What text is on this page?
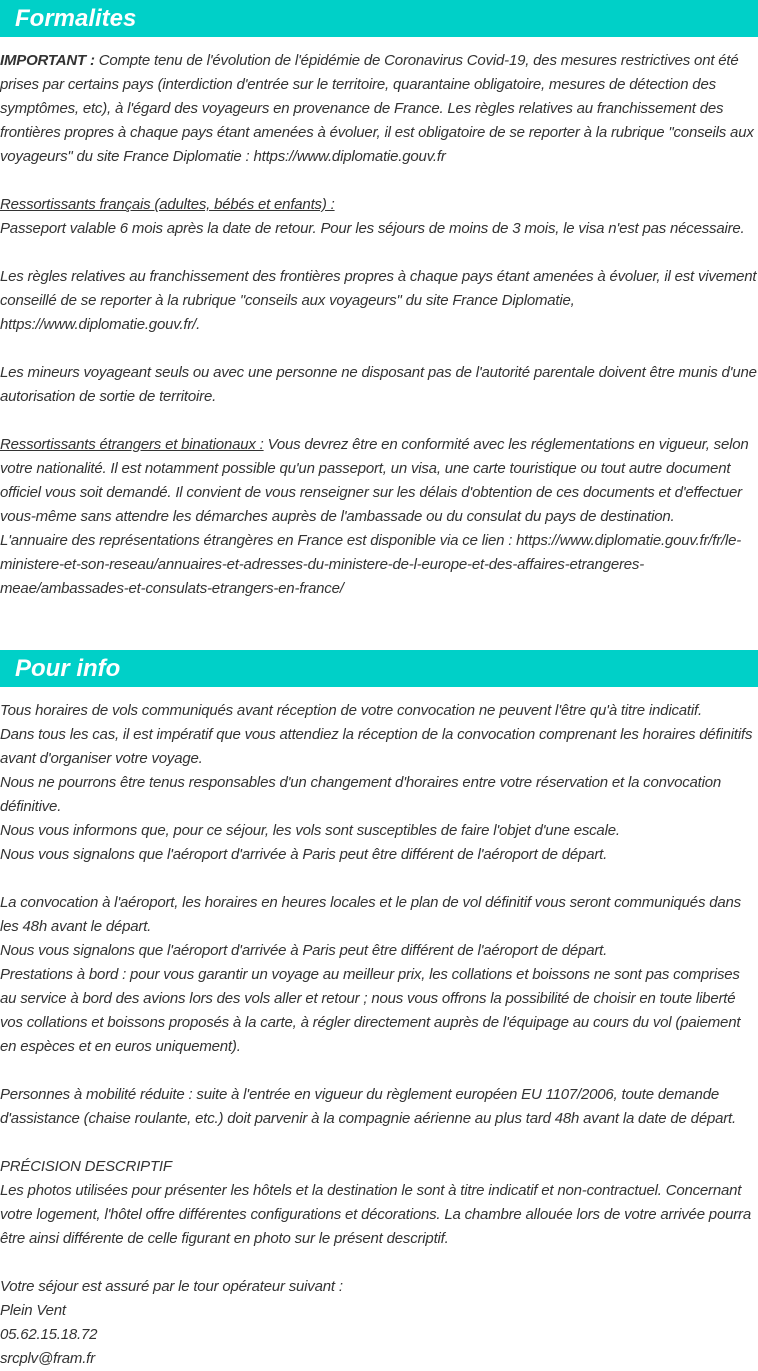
Formalites

IMPORTANT : Compte tenu de l'évolution de l'épidémie de Coronavirus Covid-19, des mesures restrictives ont été prises par certains pays (interdiction d'entrée sur le territoire, quarantaine obligatoire, mesures de détection des symptômes, etc), à l'égard des voyageurs en provenance de France. Les règles relatives au franchissement des frontières propres à chaque pays étant amenées à évoluer, il est obligatoire de se reporter à la rubrique "conseils aux voyageurs" du site France Diplomatie : https://www.diplomatie.gouv.fr

Ressortissants français (adultes, bébés et enfants) :

Passeport valable 6 mois après la date de retour. Pour les séjours de moins de 3 mois, le visa n'est pas nécessaire.

Les règles relatives au franchissement des frontières propres à chaque pays étant amenées à évoluer, il est vivement conseillé de se reporter à la rubrique "conseils aux voyageurs" du site France Diplomatie, https://www.diplomatie.gouv.fr/.

Les mineurs voyageant seuls ou avec une personne ne disposant pas de l'autorité parentale doivent être munis d'une autorisation de sortie de territoire.

Ressortissants étrangers et binationaux : Vous devrez être en conformité avec les réglementations en vigueur, selon votre nationalité. Il est notamment possible qu'un passeport, un visa, une carte touristique ou tout autre document officiel vous soit demandé. Il convient de vous renseigner sur les délais d'obtention de ces documents et d'effectuer vous-même sans attendre les démarches auprès de l'ambassade ou du consulat du pays de destination.

L'annuaire des représentations étrangères en France est disponible via ce lien : https://www.diplomatie.gouv.fr/fr/le-ministere-et-son-reseau/annuaires-et-adresses-du-ministere-de-l-europe-et-des-affaires-etrangeres-meae/ambassades-et-consulats-etrangers-en-france/

Pour info

Tous horaires de vols communiqués avant réception de votre convocation ne peuvent l'être qu'à titre indicatif.

Dans tous les cas, il est impératif que vous attendiez la réception de la convocation comprenant les horaires définitifs avant d'organiser votre voyage.

Nous ne pourrons être tenus responsables d'un changement d'horaires entre votre réservation et la convocation définitive.

Nous vous informons que, pour ce séjour, les vols sont susceptibles de faire l'objet d'une escale.

Nous vous signalons que l'aéroport d'arrivée à Paris peut être différent de l'aéroport de départ.

La convocation à l'aéroport, les horaires en heures locales et le plan de vol définitif vous seront communiqués dans les 48h avant le départ.

Nous vous signalons que l'aéroport d'arrivée à Paris peut être différent de l'aéroport de départ.

Prestations à bord : pour vous garantir un voyage au meilleur prix, les collations et boissons ne sont pas comprises au service à bord des avions lors des vols aller et retour ; nous vous offrons la possibilité de choisir en toute liberté vos collations et boissons proposés à la carte, à régler directement auprès de l'équipage au cours du vol (paiement en espèces et en euros uniquement).

Personnes à mobilité réduite : suite à l'entrée en vigueur du règlement européen EU 1107/2006, toute demande d'assistance (chaise roulante, etc.) doit parvenir à la compagnie aérienne au plus tard 48h avant la date de départ.

PRÉCISION DESCRIPTIF

Les photos utilisées pour présenter les hôtels et la destination le sont à titre indicatif et non-contractuel. Concernant votre logement, l'hôtel offre différentes configurations et décorations. La chambre allouée lors de votre arrivée pourra être ainsi différente de celle figurant en photo sur le présent descriptif.

Votre séjour est assuré par le tour opérateur suivant :

Plein Vent

05.62.15.18.72

srcplv@fram.fr
